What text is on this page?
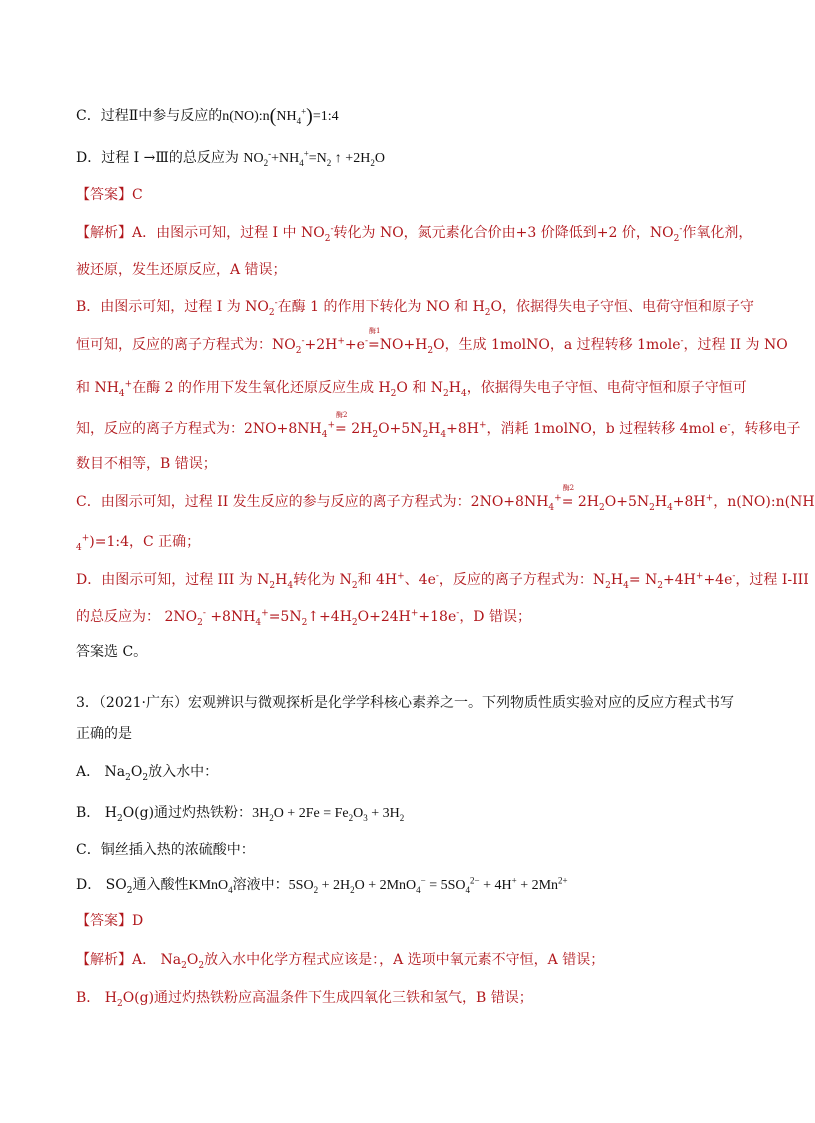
C．过程Ⅱ中参与反应的$n(NO):n(NH_4^+)=1:4$
D．过程 Ⅰ →Ⅲ的总反应为 $NO_2^-+NH_4^+=N_2$ ↑ $+2H_2O$
【答案】C
【解析】A．由图示可知，过程 I 中 $NO_2^-$转化为 NO，氮元素化合价由+3 价降低到+2 价，$NO_2^-$作氧化剂，
被还原，发生还原反应，A 错误；
B．由图示可知，过程 I 为 $NO_2^-$在酶 1 的作用下转化为 NO 和 $H_2O$，依据得失电子守恒、电荷守恒和原子守
恒可知，反应的离子方程式为：$NO_2^-+2H^++e^-$
酶1
$=NO+H_2O$，生成 1molNO，a 过程转移 1mole-，过程 II 为 NO
和 $NH_4^+$在酶 2 的作用下发生氧化还原反应生成 $H_2O$ 和 $N_2H_4$，依据得失电子守恒、电荷守恒和原子守恒可
知，反应的离子方程式为：$2NO+8NH_4^+$
酶2
= $2H_2O+5N_2H_4+8H^+$，消耗 1molNO，b 过程转移 4mol e-，转移电子
数目不相等，B 错误；
C．由图示可知，过程 II 发生反应的参与反应的离子方程式为：$2NO+8NH_4^+$
酶2
= $2H_2O+5N_2H_4+8H^+$，n(NO):n(NH
$_4$+)=1:4，C 正确；
D．由图示可知，过程 III 为 $N_2H_4$转化为 $N_2$和 4H+、4e-，反应的离子方程式为：$N_2H_4= N_2+4H^++4e^-$，过程 I-III
的总反应为： $2NO_2^-$ $+8NH_4^+=5N_2↑+4H_2O+24H^++18e^-$，D 错误；
答案选 C。
3．（2021·广东）宏观辨识与微观探析是化学学科核心素养之一。下列物质性质实验对应的反应方程式书写
正确的是
A． $Na_2O_2$放入水中：
B． $H_2O(g)$通过灼热铁粉：$3H_2O + 2Fe = Fe_2O_3 + 3H_2$
C．铜丝插入热的浓硫酸中：
D． $SO_2$通入酸性KMnO$_4$溶液中：$5SO_2 + 2H_2O + 2MnO_4^- = 5SO_4^{2-} + 4H^+ + 2Mn^{2+}$
【答案】D
【解析】A． $Na_2O_2$放入水中化学方程式应该是：，A 选项中氧元素不守恒，A 错误；
B． $H_2O(g)$通过灼热铁粉应高温条件下生成四氧化三铁和氢气，B 错误；
